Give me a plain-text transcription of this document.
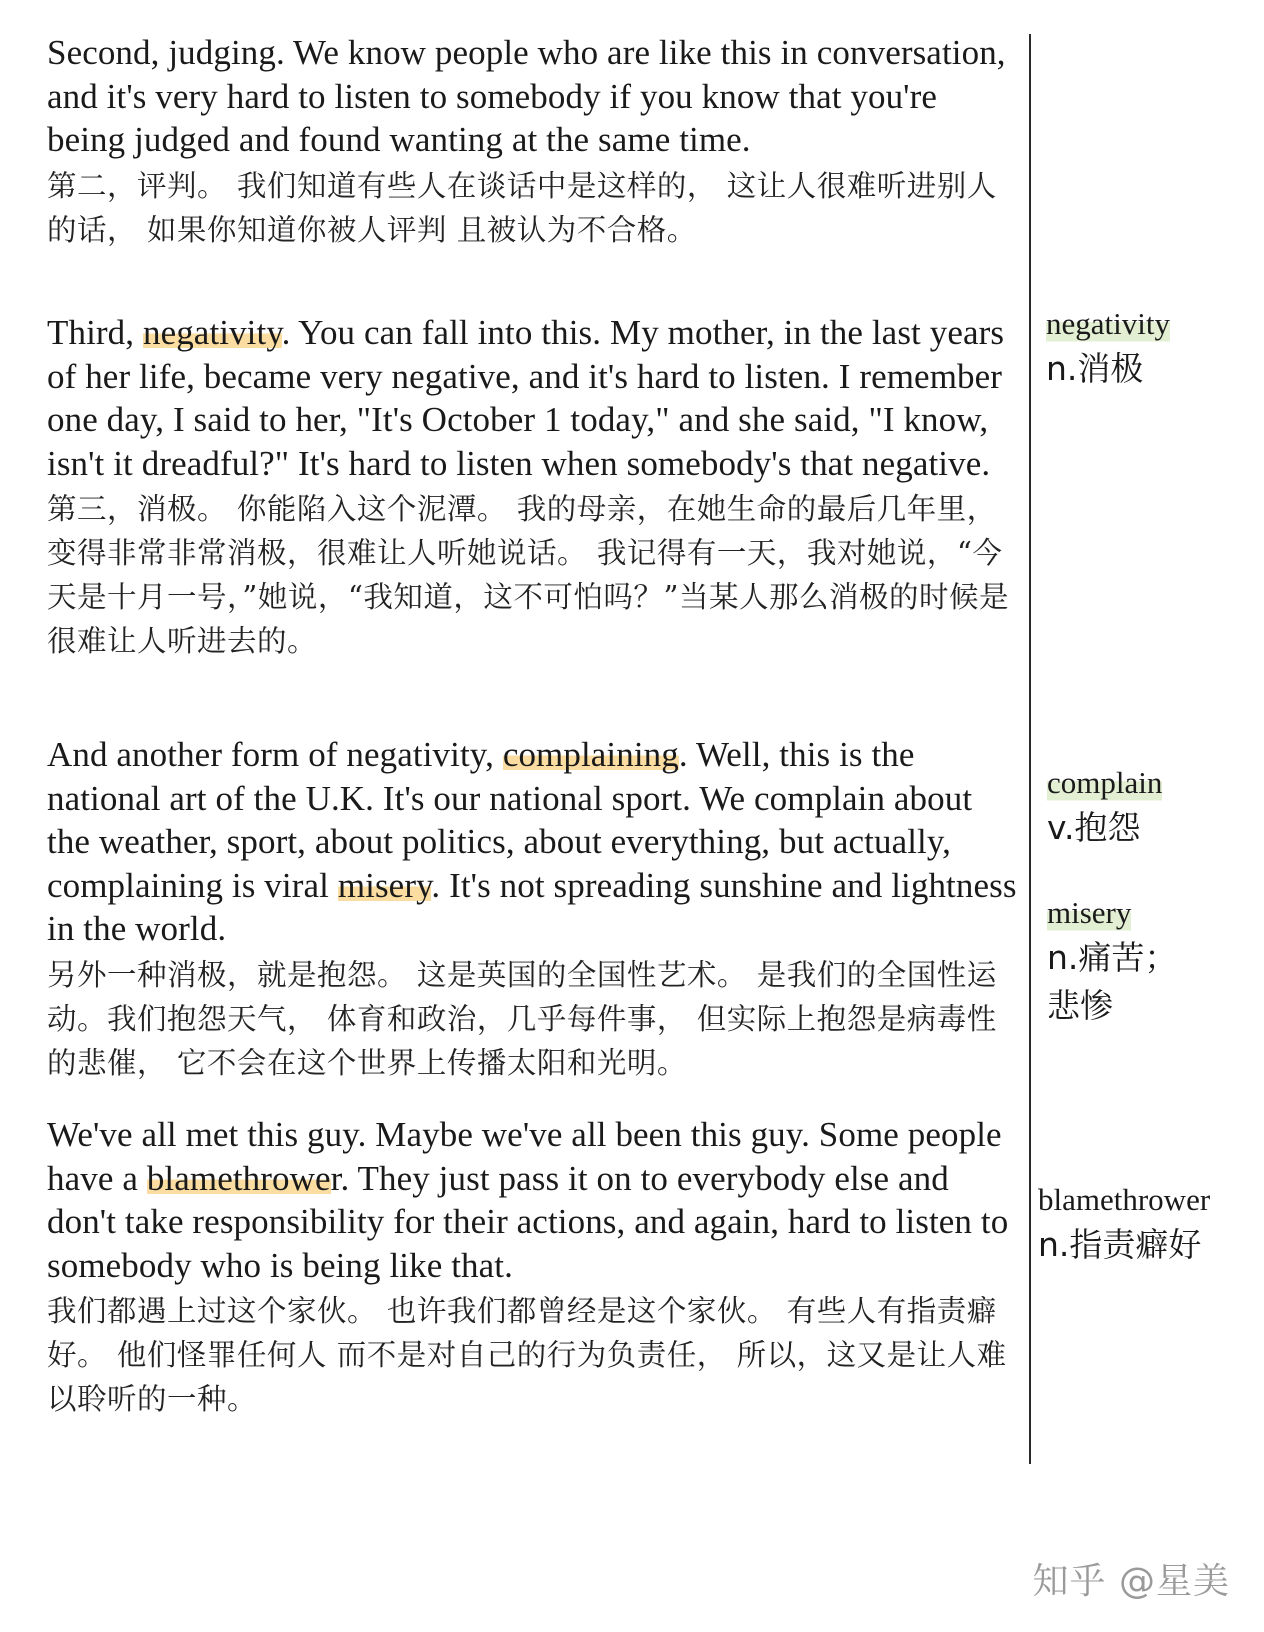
Second, judging. We know people who are like this in conversation, and it's very hard to listen to somebody if you know that you're being judged and found wanting at the same time.
第二，评判。 我们知道有些人在谈话中是这样的， 这让人很难听进别人的话， 如果你知道你被人评判 且被认为不合格。
Third, negativity. You can fall into this. My mother, in the last years of her life, became very negative, and it's hard to listen. I remember one day, I said to her, "It's October 1 today," and she said, "I know, isn't it dreadful?" It's hard to listen when somebody's that negative.
第三，消极。 你能陷入这个泥潭。 我的母亲，在她生命的最后几年里， 变得非常非常消极，很难让人听她说话。 我记得有一天，我对她说，“今天是十月一号，”她说，“我知道，这不可怕吗？”当某人那么消极的时候是很难让人听进去的。
And another form of negativity, complaining. Well, this is the national art of the U.K. It's our national sport. We complain about the weather, sport, about politics, about everything, but actually, complaining is viral misery. It's not spreading sunshine and lightness in the world.
另外一种消极，就是抱怨。 这是英国的全国性艺术。 是我们的全国性运动。我们抱怨天气， 体育和政治，几乎每件事， 但实际上抱怨是病毒性的悲催， 它不会在这个世界上传播太阳和光明。
We've all met this guy. Maybe we've all been this guy. Some people have a blamethrower. They just pass it on to everybody else and don't take responsibility for their actions, and again, hard to listen to somebody who is being like that.
我们都遇上过这个家伙。 也许我们都曾经是这个家伙。 有些人有指责癖好。 他们怪罪任何人 而不是对自己的行为负责任， 所以，这又是让人难以聆听的一种。
negativity
n.消极
complain
v.抱怨
misery
n.痛苦；
悲惨
blamethrower
n.指责癖好
知乎 @星美
